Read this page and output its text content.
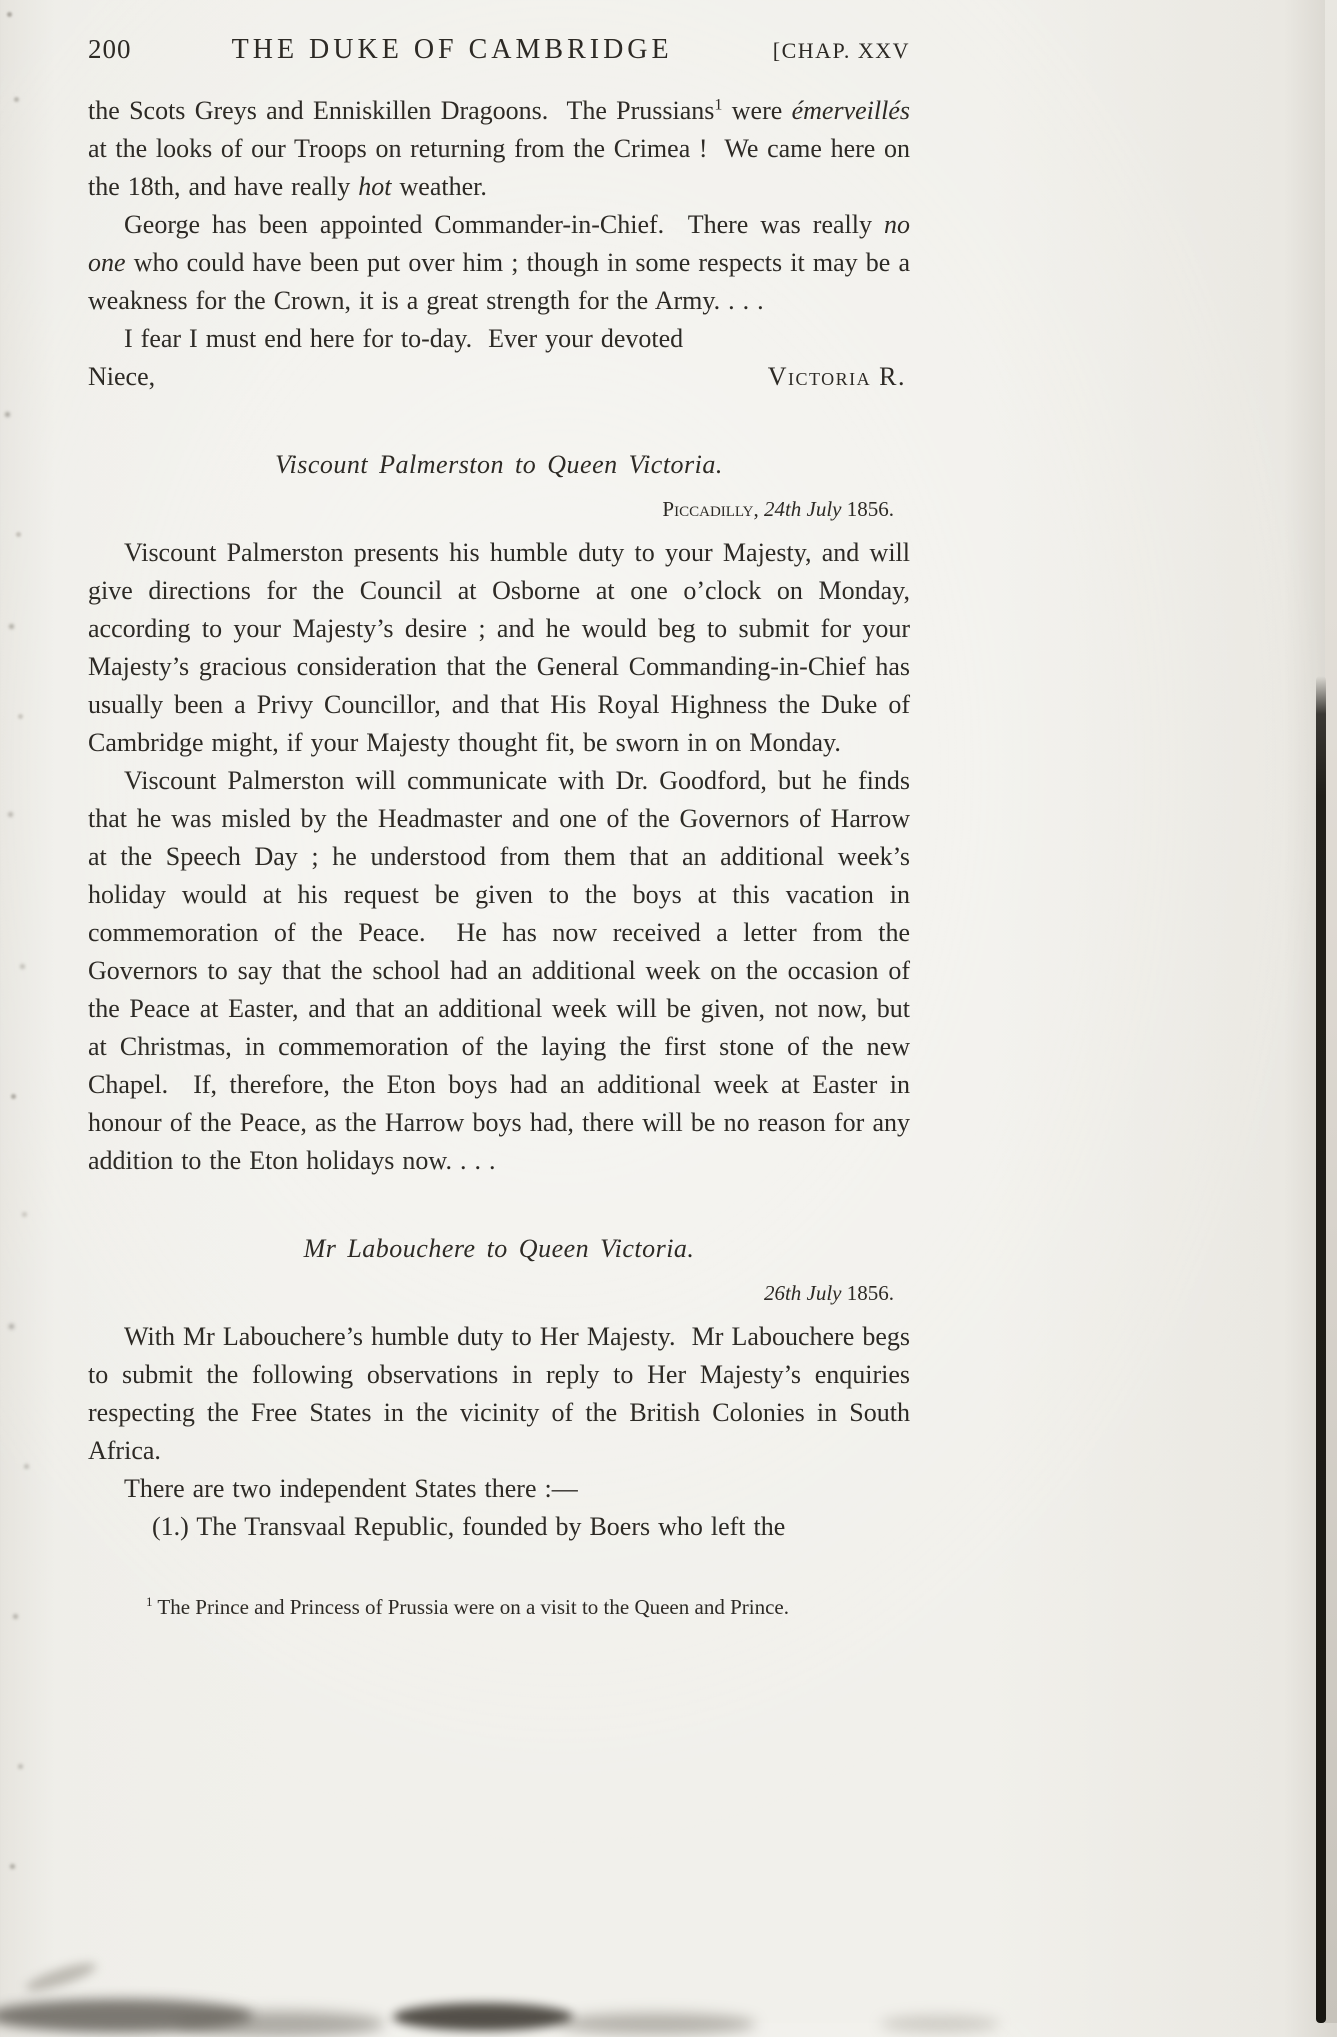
200	THE DUKE OF CAMBRIDGE	[CHAP. XXV

the Scots Greys and Enniskillen Dragoons.  The Prussians$^1$ were émerveillés at the looks of our Troops on returning from the Crimea !  We came here on the 18th, and have really hot weather.

George has been appointed Commander-in-Chief.  There was really no one who could have been put over him ; though in some respects it may be a weakness for the Crown, it is a great strength for the Army. . . .

I fear I must end here for to-day.  Ever your devoted

Niece,	Victoria R.
Viscount Palmerston to Queen Victoria.
Piccadilly, 24th July 1856.

Viscount Palmerston presents his humble duty to your Majesty, and will give directions for the Council at Osborne at one o’clock on Monday, according to your Majesty’s desire ; and he would beg to submit for your Majesty’s gracious consideration that the General Commanding-in-Chief has usually been a Privy Councillor, and that His Royal Highness the Duke of Cambridge might, if your Majesty thought fit, be sworn in on Monday.

Viscount Palmerston will communicate with Dr. Goodford, but he finds that he was misled by the Headmaster and one of the Governors of Harrow at the Speech Day ; he understood from them that an additional week’s holiday would at his request be given to the boys at this vacation in commemoration of the Peace.  He has now received a letter from the Governors to say that the school had an additional week on the occasion of the Peace at Easter, and that an additional week will be given, not now, but at Christmas, in commemoration of the laying the first stone of the new Chapel.  If, therefore, the Eton boys had an additional week at Easter in honour of the Peace, as the Harrow boys had, there will be no reason for any addition to the Eton holidays now. . . .

Mr Labouchere to Queen Victoria.
26th July 1856.

With Mr Labouchere’s humble duty to Her Majesty.  Mr Labouchere begs to submit the following observations in reply to Her Majesty’s enquiries respecting the Free States in the vicinity of the British Colonies in South Africa.

There are two independent States there :—

(1.) The Transvaal Republic, founded by Boers who left the

$^1$ The Prince and Princess of Prussia were on a visit to the Queen and Prince.
